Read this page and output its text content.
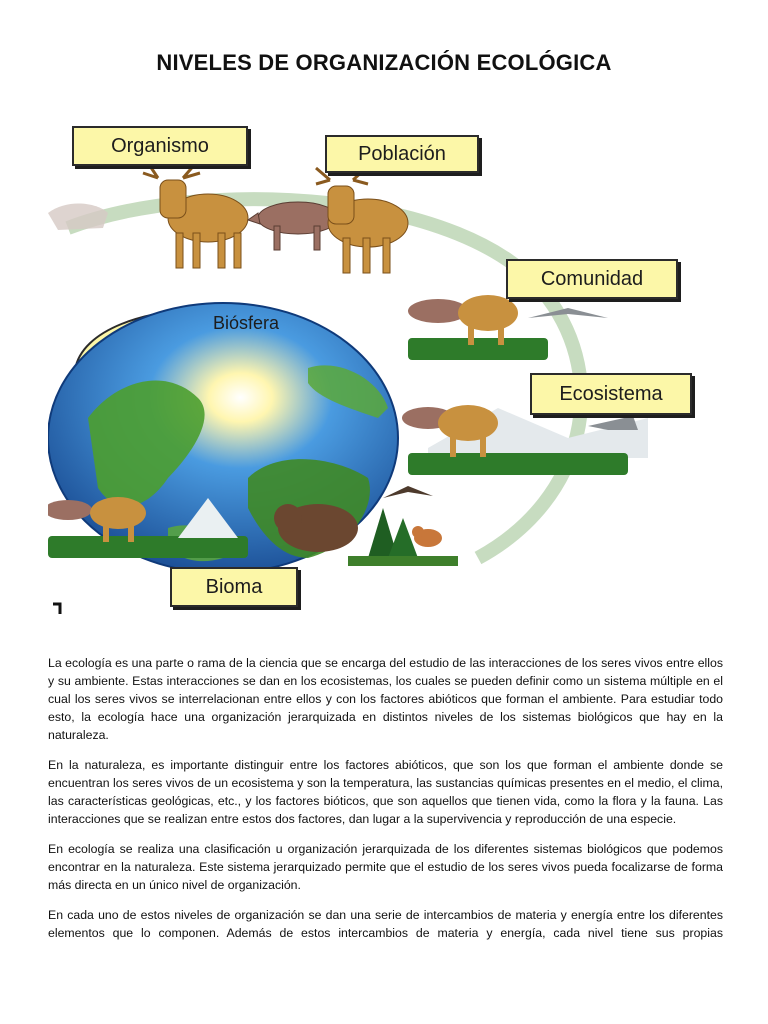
NIVELES DE ORGANIZACIÓN ECOLÓGICA
Organismo	Población
Comunidad
Biósfera
Ecosistema
Bioma

La ecología es una parte o rama de la ciencia que se encarga del estudio de las interacciones de los seres vivos entre ellos y su ambiente. Estas interacciones se dan en los ecosistemas, los cuales se pueden definir como un sistema múltiple en el cual los seres vivos se interrelacionan entre ellos y con los factores abióticos que forman el ambiente. Para estudiar todo esto, la ecología hace una organización jerarquizada en distintos niveles de los sistemas biológicos que hay en la naturaleza.

En la naturaleza, es importante distinguir entre los factores abióticos, que son los que forman el ambiente donde se encuentran los seres vivos de un ecosistema y son la temperatura, las sustancias químicas presentes en el medio, el clima, las características geológicas, etc., y los factores bióticos, que son aquellos que tienen vida, como la flora y la fauna. Las interacciones que se realizan entre estos dos factores, dan lugar a la supervivencia y reproducción de una especie.

En ecología se realiza una clasificación u organización jerarquizada de los diferentes sistemas biológicos que podemos encontrar en la naturaleza. Este sistema jerarquizado permite que el estudio de los seres vivos pueda focalizarse de forma más directa en un único nivel de organización.

En cada uno de estos niveles de organización se dan una serie de intercambios de materia y energía entre los diferentes elementos que lo componen. Además de estos intercambios de materia y energía, cada nivel tiene sus propias
